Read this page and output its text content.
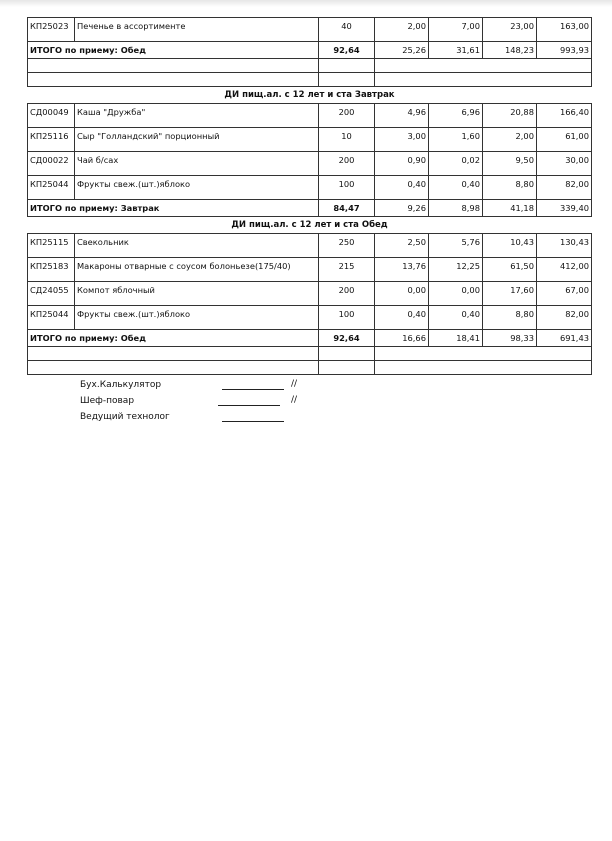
КП25023	Печенье в ассортименте	40	2,00	7,00	23,00	163,00
ИТОГО по приему: Обед		92,64	25,26	31,61	148,23	993,93

ДИ пищ.ал. с 12 лет и ста Завтрак
СД00049	Каша "Дружба"	200	4,96	6,96	20,88	166,40
КП25116	Сыр "Голландский" порционный	10	3,00	1,60	2,00	61,00
СД00022	Чай б/сах	200	0,90	0,02	9,50	30,00
КП25044	Фрукты свеж.(шт.)яблоко	100	0,40	0,40	8,80	82,00
ИТОГО по приему: Завтрак		84,47	9,26	8,98	41,18	339,40
ДИ пищ.ал. с 12 лет и ста Обед
КП25115	Свекольник	250	2,50	5,76	10,43	130,43
КП25183	Макароны отварные с соусом болоньезе(175/40)	215	13,76	12,25	61,50	412,00
СД24055	Компот яблочный	200	0,00	0,00	17,60	67,00
КП25044	Фрукты свеж.(шт.)яблоко	100	0,40	0,40	8,80	82,00
ИТОГО по приему: Обед		92,64	16,66	18,41	98,33	691,43

Бух.Калькулятор	//
Шеф-повар	//
Ведущий технолог
